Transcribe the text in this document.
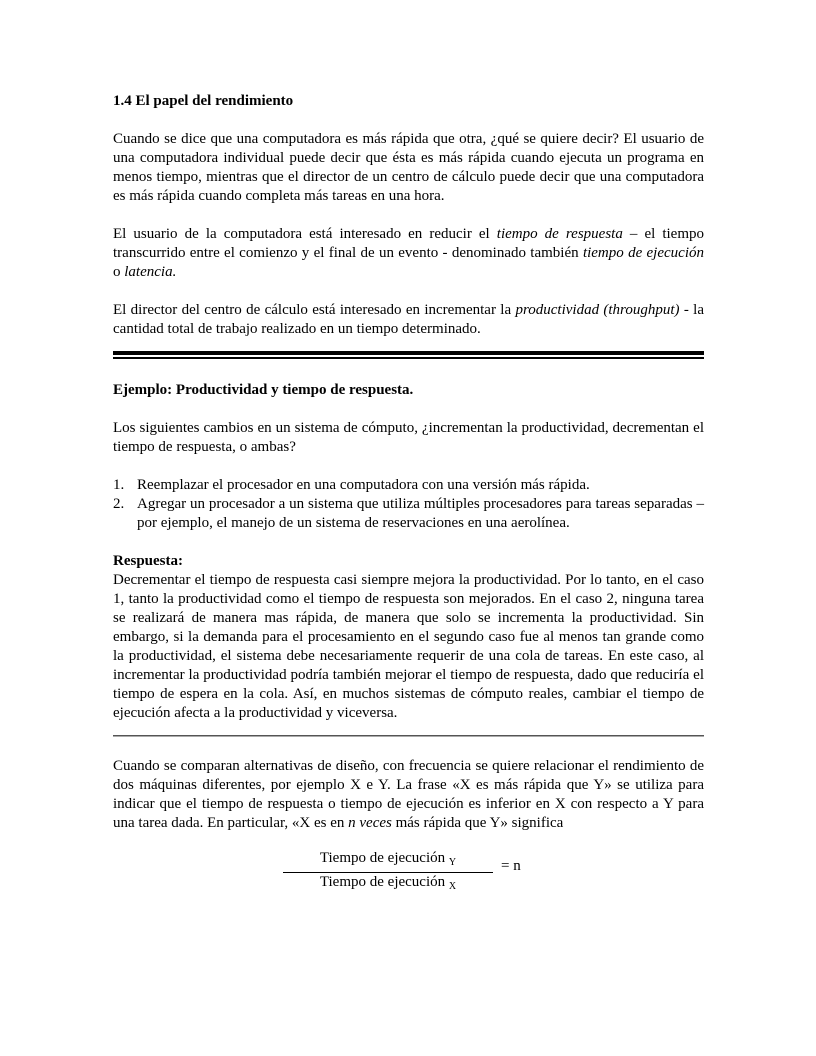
1.4 El papel del rendimiento

Cuando se dice que una computadora es más rápida que otra, ¿qué se quiere decir? El usuario de una computadora individual puede decir que ésta es más rápida cuando ejecuta un programa en menos tiempo, mientras que el director de un centro de cálculo puede decir que una computadora es más rápida cuando completa más tareas en una hora.

El usuario de la computadora está interesado en reducir el tiempo de respuesta – el tiempo transcurrido entre el comienzo y el final de un evento - denominado también tiempo de ejecución o latencia.

El director del centro de cálculo está interesado en incrementar la productividad (throughput) - la cantidad total de trabajo realizado en un tiempo determinado.

Ejemplo: Productividad y tiempo de respuesta.

Los siguientes cambios en un sistema de cómputo, ¿incrementan la productividad, decrementan el tiempo de respuesta, o ambas?

1. Reemplazar el procesador en una computadora con una versión más rápida.
2. Agregar un procesador a un sistema que utiliza múltiples procesadores para tareas separadas – por ejemplo, el manejo de un sistema de reservaciones en una aerolínea.
Respuesta:

Decrementar el tiempo de respuesta casi siempre mejora la productividad. Por lo tanto, en el caso 1, tanto la productividad como el tiempo de respuesta son mejorados. En el caso 2, ninguna tarea se realizará de manera mas rápida, de manera que solo se incrementa la productividad. Sin embargo, si la demanda para el procesamiento en el segundo caso fue al menos tan grande como la productividad, el sistema debe necesariamente requerir de una cola de tareas. En este caso, al incrementar la productividad podría también mejorar el tiempo de respuesta, dado que reduciría el tiempo de espera en la cola. Así, en muchos sistemas de cómputo reales, cambiar el tiempo de ejecución afecta a la productividad y viceversa.

Cuando se comparan alternativas de diseño, con frecuencia se quiere relacionar el rendimiento de dos máquinas diferentes, por ejemplo X e Y. La frase «X es más rápida que Y» se utiliza para indicar que el tiempo de respuesta o tiempo de ejecución es inferior en X con respecto a Y para una tarea dada. En particular, «X es en n veces más rápida que Y» significa

Tiempo de ejecución $_Y$
Tiempo de ejecución $_X$
= n
